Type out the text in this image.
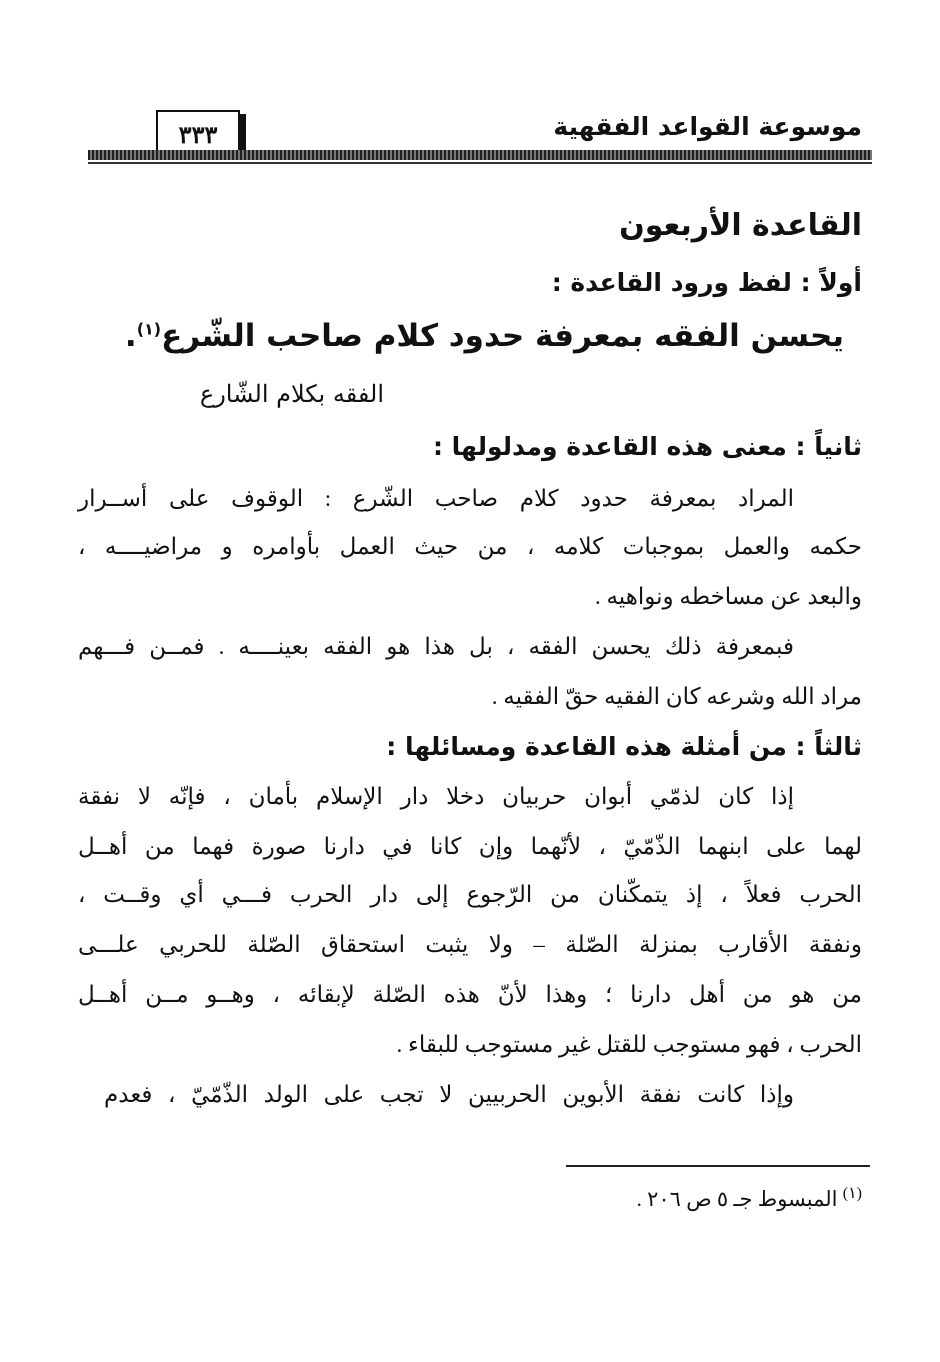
موسوعة القواعد الفقهية
٣٣٣
القاعدة الأربعون
أولاً : لفظ ورود القاعدة :
يحسن الفقه بمعرفة حدود كلام صاحب الشّرع$^{(١)}$.
الفقه بكلام الشّارع
ثانياً : معنى هذه القاعدة ومدلولها :
المراد بمعرفة حدود كلام صاحب الشّرع : الوقوف على أســرار
حكمه والعمل بموجبات كلامه ، من حيث العمل بأوامره و مراضيــــه ،
والبعد عن مساخطه ونواهيه .
فبمعرفة ذلك يحسن الفقه ، بل هذا هو الفقه بعينــــه . فمــن فـــهم
مراد الله وشرعه كان الفقيه حقّ الفقيه .
ثالثاً : من أمثلة هذه القاعدة ومسائلها :
إذا كان لذمّي أبوان حربيان دخلا دار الإسلام بأمان ، فإنّه لا نفقة
لهما على ابنهما الذّمّيّ ، لأنّهما وإن كانا في دارنا صورة فهما من أهــل
الحرب فعلاً ، إذ يتمكّنان من الرّجوع إلى دار الحرب فـــي أي وقــت ،
ونفقة الأقارب بمنزلة الصّلة – ولا يثبت استحقاق الصّلة للحربي علـــى
من هو من أهل دارنا ؛ وهذا لأنّ هذه الصّلة لإبقائه ، وهــو مــن أهــل
الحرب ، فهو مستوجب للقتل غير مستوجب للبقاء .
وإذا كانت نفقة الأبوين الحربيين لا تجب على الولد الذّمّيّ ، فعدم
$^{(١)}$ المبسوط جـ ٥ ص ٢٠٦ .
